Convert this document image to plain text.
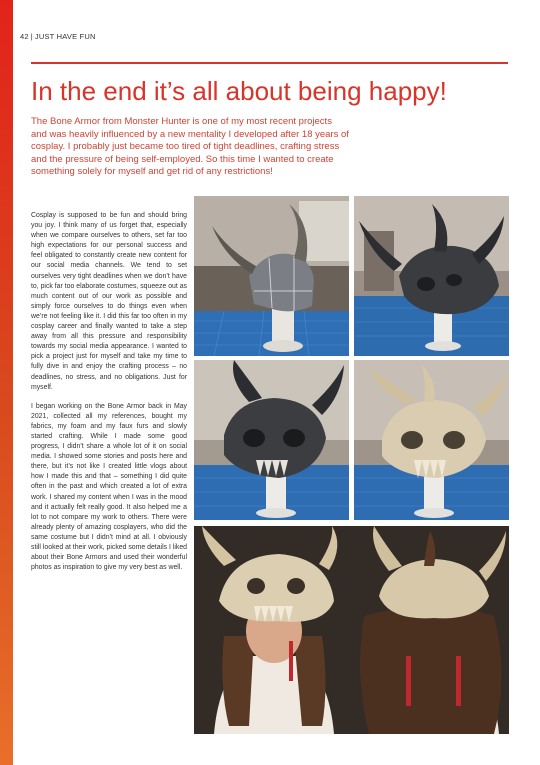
42 | JUST HAVE FUN
In the end it’s all about being happy!

The Bone Armor from Monster Hunter is one of my most recent projects and was heavily influenced by a new mentality I developed after 18 years of cosplay. I probably just became too tired of tight deadlines, crafting stress and the pressure of being self-employed. So this time I wanted to create something solely for myself and get rid of any restrictions!

Cosplay is supposed to be fun and should bring you joy. I think many of us forget that, especially when we compare ourselves to others, set far too high expectations for our personal success and feel obligated to constantly create new content for our social media channels. We tend to set ourselves very tight deadlines when we don’t have to, pick far too elaborate costumes, squeeze out as much content out of our work as possible and simply force ourselves to do things even when we’re not feeling like it. I did this far too often in my cosplay career and finally wanted to take a step away from all this pressure and responsibility towards my social media appearance. I wanted to pick a project just for myself and take my time to fully dive in and enjoy the crafting process – no deadlines, no stress, and no obligations. Just for myself.

I began working on the Bone Armor back in May 2021, collected all my references, bought my fabrics, my foam and my faux furs and slowly started crafting. While I made some good progress, I didn’t share a whole lot of it on social media. I showed some stories and posts here and there, but it’s not like I created little vlogs about how I made this and that – something I did quite often in the past and which created a lot of extra work. I shared my content when I was in the mood and it actually felt really good. It also helped me a lot to not compare my work to others. There were already plenty of amazing cosplayers, who did the same costume but I didn’t mind at all. I obviously still looked at their work, picked some details I liked about their Bone Armors and used their wonderful photos as inspiration to give my very best as well.
